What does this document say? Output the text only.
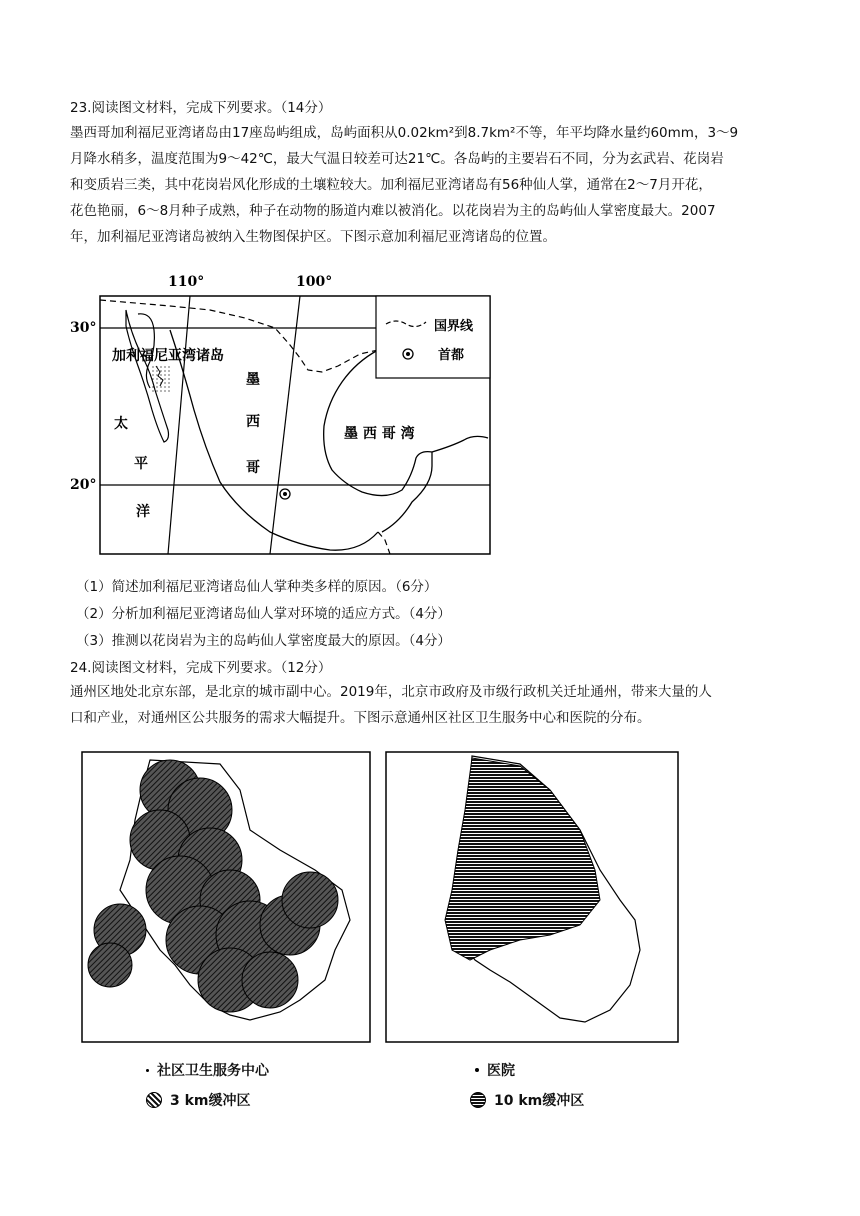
23.阅读图文材料，完成下列要求。（14分）
墨西哥加利福尼亚湾诸岛由17座岛屿组成，岛屿面积从0.02km²到8.7km²不等，年平均降水量约60mm，3～9
月降水稍多，温度范围为9～42℃，最大气温日较差可达21℃。各岛屿的主要岩石不同，分为玄武岩、花岗岩
和变质岩三类，其中花岗岩风化形成的土壤粒较大。加利福尼亚湾诸岛有56种仙人掌，通常在2～7月开花，
花色艳丽，6～8月种子成熟，种子在动物的肠道内难以被消化。以花岗岩为主的岛屿仙人掌密度最大。2007
年，加利福尼亚湾诸岛被纳入生物图保护区。下图示意加利福尼亚湾诸岛的位置。
110°	100°
30°
20°
加利福尼亚湾诸岛
墨
西
哥
太
平
洋
墨 西 哥 湾
国界线
首都
（1）简述加利福尼亚湾诸岛仙人掌种类多样的原因。（6分）
（2）分析加利福尼亚湾诸岛仙人掌对环境的适应方式。（4分）
（3）推测以花岗岩为主的岛屿仙人掌密度最大的原因。（4分）
24.阅读图文材料，完成下列要求。（12分）
通州区地处北京东部，是北京的城市副中心。2019年，北京市政府及市级行政机关迁址通州，带来大量的人
口和产业，对通州区公共服务的需求大幅提升。下图示意通州区社区卫生服务中心和医院的分布。
社区卫生服务中心
3 km缓冲区
医院
10 km缓冲区
